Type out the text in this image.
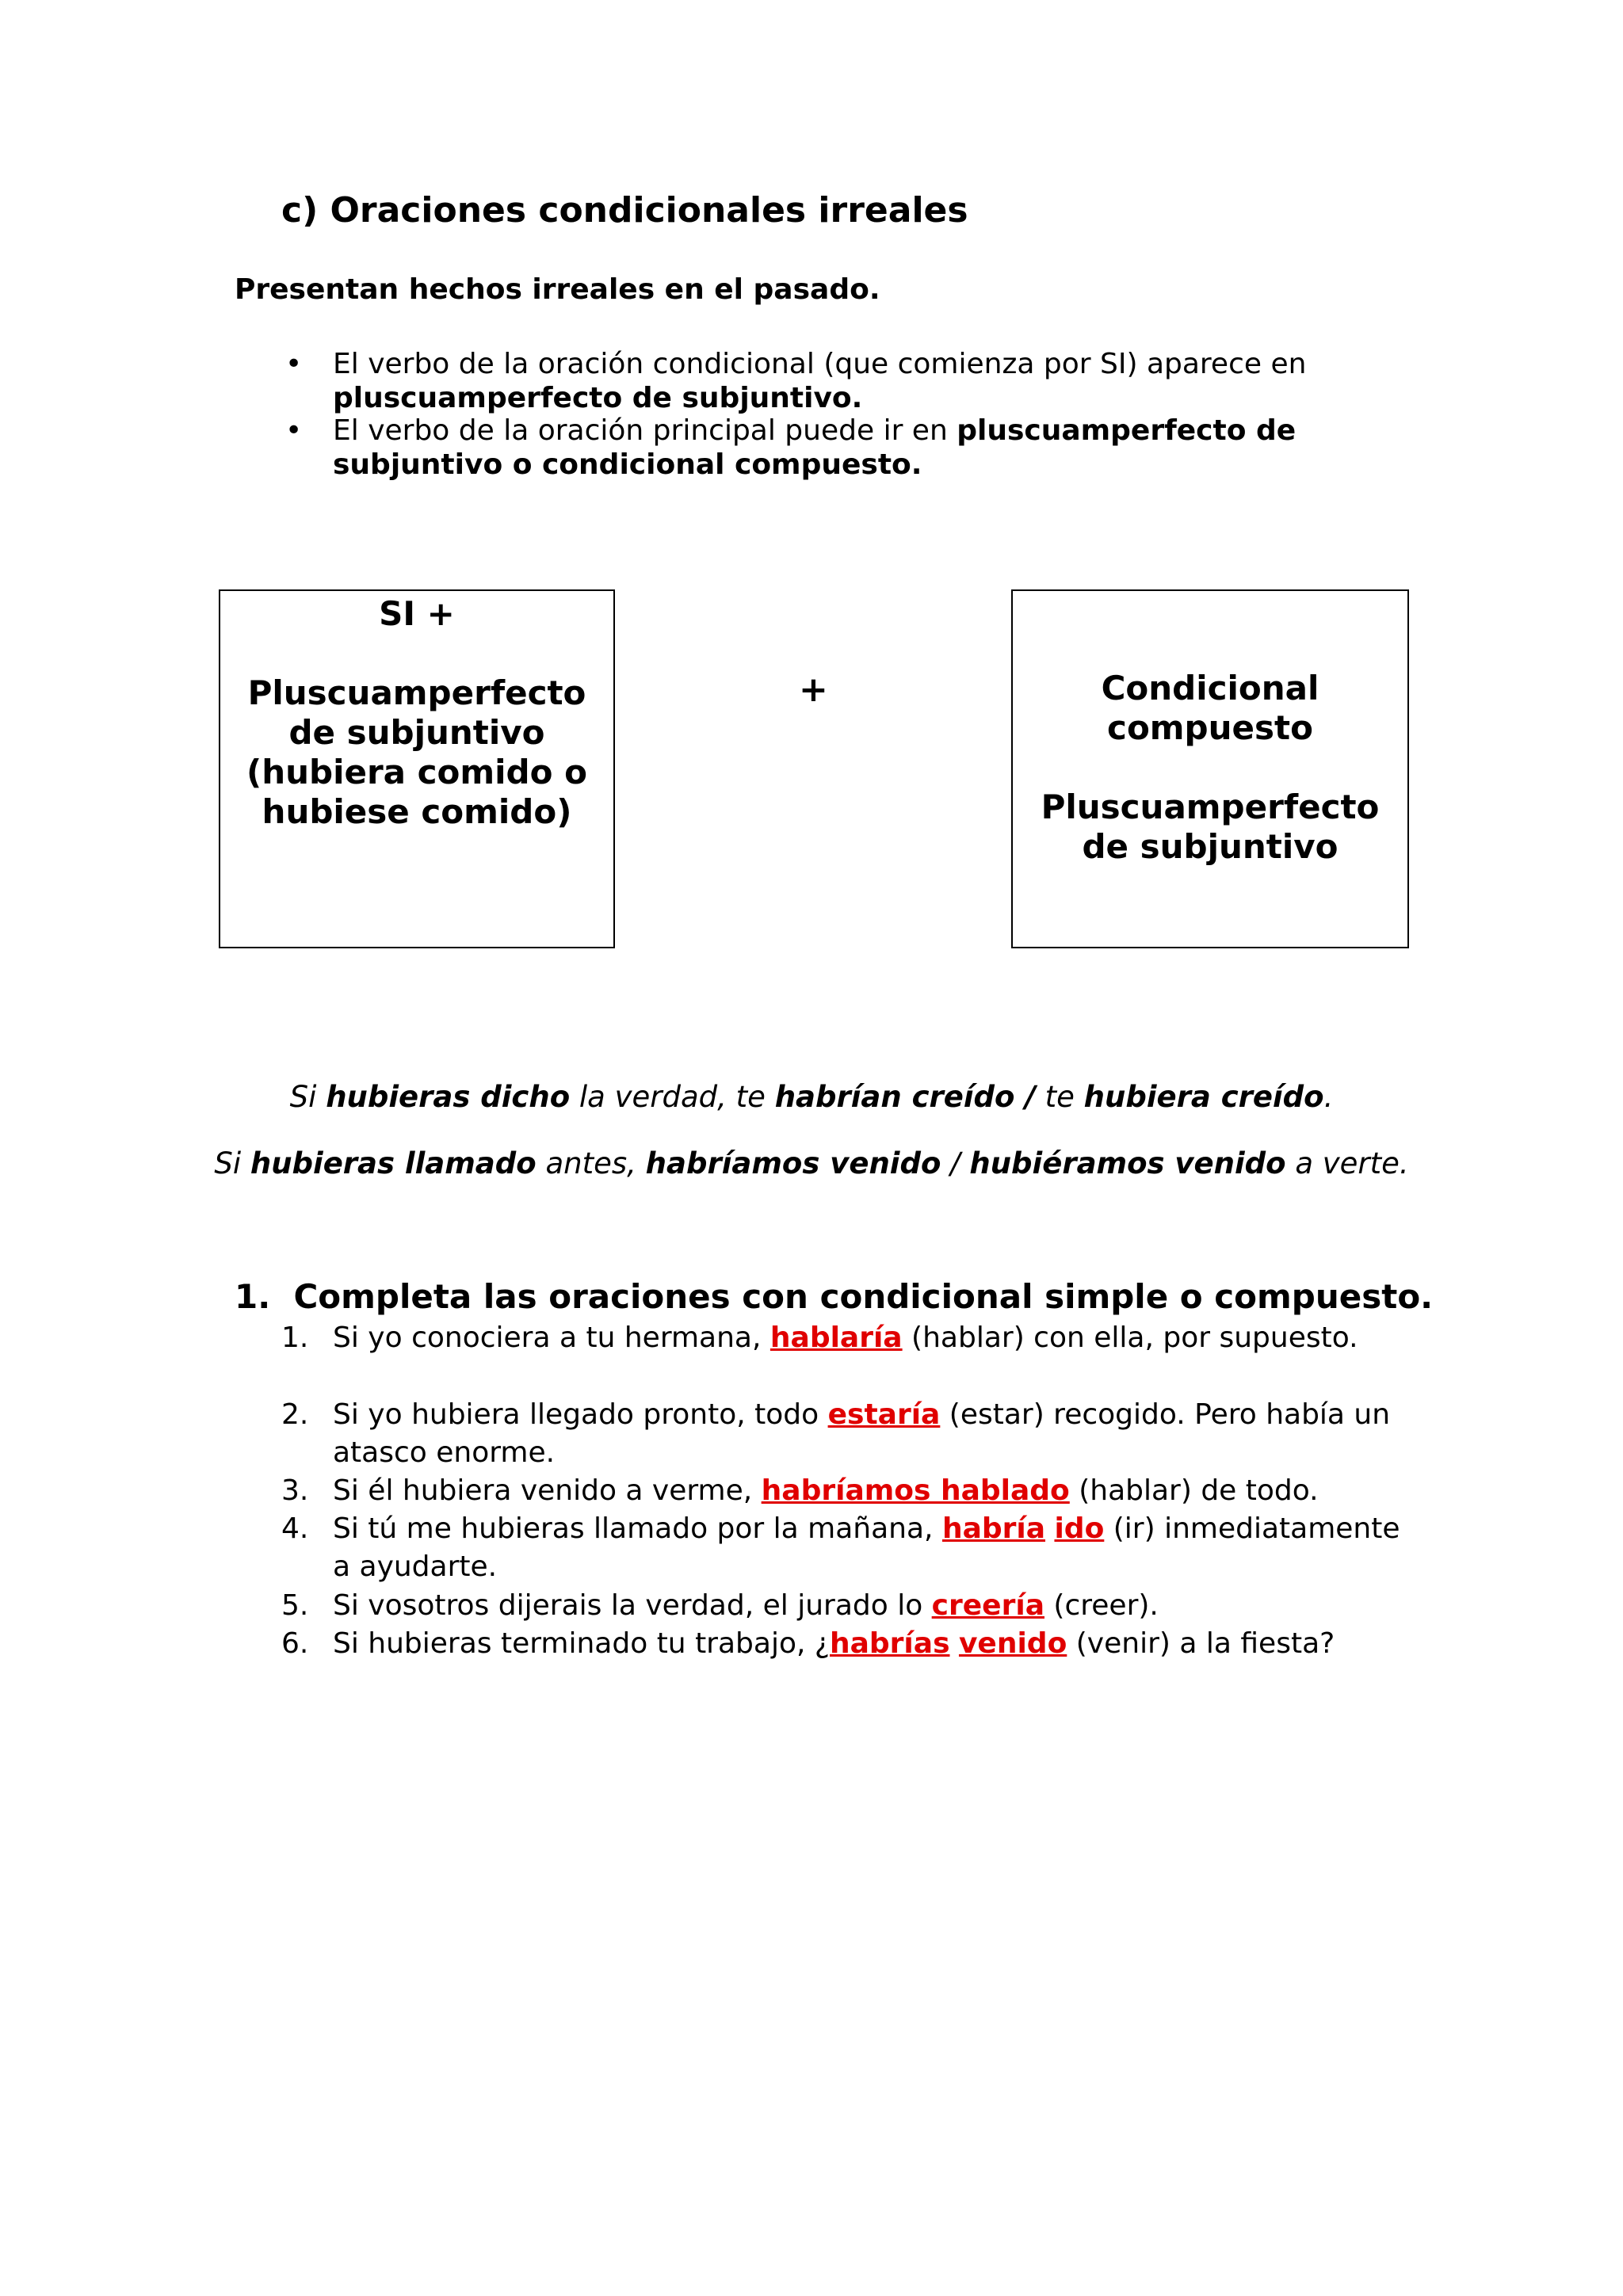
c) Oraciones condicionales irreales
Presentan hechos irreales en el pasado.
• El verbo de la oración condicional (que comienza por SI) aparece en
pluscuamperfecto de subjuntivo.
• El verbo de la oración principal puede ir en pluscuamperfecto de
subjuntivo o condicional compuesto.
SI +
Pluscuamperfecto
de subjuntivo
(hubiera comido o
hubiese comido)
+	Condicional
compuesto
Pluscuamperfecto
de subjuntivo
Si hubieras dicho la verdad, te habrían creído / te hubiera creído.
Si hubieras llamado antes, habríamos venido / hubiéramos venido a verte.
1. Completa las oraciones con condicional simple o compuesto.
1. Si yo conociera a tu hermana, hablaría (hablar) con ella, por supuesto.
2. Si yo hubiera llegado pronto, todo estaría (estar) recogido. Pero había un
atasco enorme.
3. Si él hubiera venido a verme, habríamos hablado (hablar) de todo.
4. Si tú me hubieras llamado por la mañana, habría ido (ir) inmediatamente
a ayudarte.
5. Si vosotros dijerais la verdad, el jurado lo creería (creer).
6. Si hubieras terminado tu trabajo, ¿habrías venido (venir) a la fiesta?
